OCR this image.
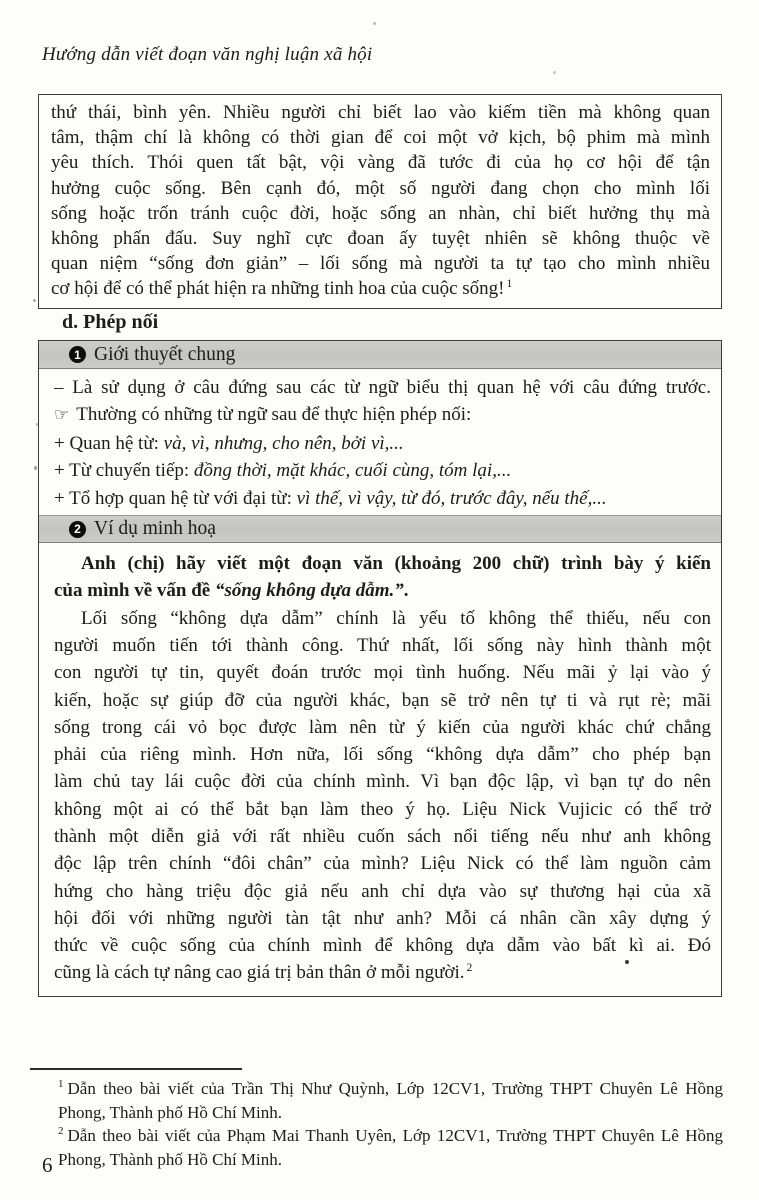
Hướng dẫn viết đoạn văn nghị luận xã hội
thứ thái, bình yên. Nhiều người chỉ biết lao vào kiếm tiền mà không quan
tâm, thậm chí là không có thời gian để coi một vở kịch, bộ phim mà mình
yêu thích. Thói quen tất bật, vội vàng đã tước đi của họ cơ hội để tận
hưởng cuộc sống. Bên cạnh đó, một số người đang chọn cho mình lối
sống hoặc trốn tránh cuộc đời, hoặc sống an nhàn, chỉ biết hưởng thụ mà
không phấn đấu. Suy nghĩ cực đoan ấy tuyệt nhiên sẽ không thuộc về
quan niệm “sống đơn giản” – lối sống mà người ta tự tạo cho mình nhiều
cơ hội để có thể phát hiện ra những tinh hoa của cuộc sống! $^1$
d. Phép nối
1 Giới thuyết chung
– Là sử dụng ở câu đứng sau các từ ngữ biểu thị quan hệ với câu đứng trước.
☞ Thường có những từ ngữ sau để thực hiện phép nối:
+ Quan hệ từ: và, vì, nhưng, cho nên, bởi vì,...
+ Từ chuyển tiếp: đồng thời, mặt khác, cuối cùng, tóm lại,...
+ Tổ hợp quan hệ từ với đại từ: vì thế, vì vậy, từ đó, trước đây, nếu thế,...
2 Ví dụ minh hoạ
Anh (chị) hãy viết một đoạn văn (khoảng 200 chữ) trình bày ý kiến
của mình về vấn đề “sống không dựa dẫm.”.
Lối sống “không dựa dẫm” chính là yếu tố không thể thiếu, nếu con
người muốn tiến tới thành công. Thứ nhất, lối sống này hình thành một
con người tự tin, quyết đoán trước mọi tình huống. Nếu mãi ỷ lại vào ý
kiến, hoặc sự giúp đỡ của người khác, bạn sẽ trở nên tự ti và rụt rè; mãi
sống trong cái vỏ bọc được làm nên từ ý kiến của người khác chứ chẳng
phải của riêng mình. Hơn nữa, lối sống “không dựa dẫm” cho phép bạn
làm chủ tay lái cuộc đời của chính mình. Vì bạn độc lập, vì bạn tự do nên
không một ai có thể bắt bạn làm theo ý họ. Liệu Nick Vujicic có thể trở
thành một diễn giả với rất nhiều cuốn sách nổi tiếng nếu như anh không
độc lập trên chính “đôi chân” của mình? Liệu Nick có thể làm nguồn cảm
hứng cho hàng triệu độc giả nếu anh chỉ dựa vào sự thương hại của xã
hội đối với những người tàn tật như anh? Mỗi cá nhân cần xây dựng ý
thức về cuộc sống của chính mình để không dựa dẫm vào bất kì ai. Đó
cũng là cách tự nâng cao giá trị bản thân ở mỗi người. $^2$
$^1$ Dẫn theo bài viết của Trần Thị Như Quỳnh, Lớp 12CV1, Trường THPT Chuyên Lê Hồng
Phong, Thành phố Hồ Chí Minh.
$^2$ Dẫn theo bài viết của Phạm Mai Thanh Uyên, Lớp 12CV1, Trường THPT Chuyên Lê Hồng
Phong, Thành phố Hồ Chí Minh.
6
